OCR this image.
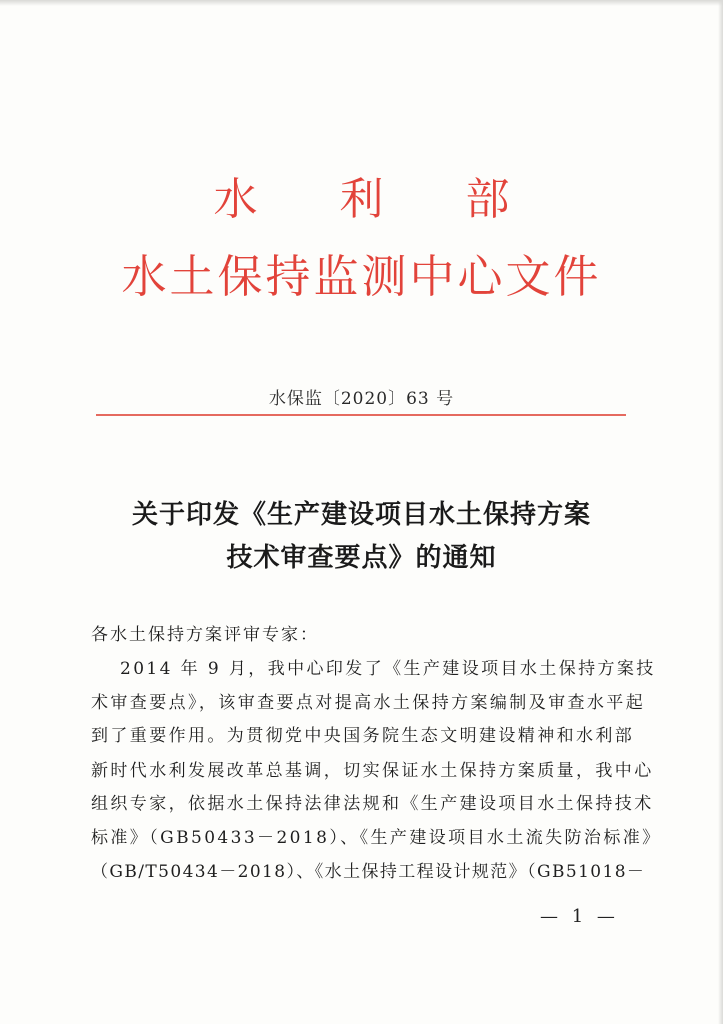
水 利 部
水土保持监测中心文件
水保监〔2020〕63 号
关于印发《生产建设项目水土保持方案
技术审查要点》的通知
各水土保持方案评审专家：
2014 年 9 月，我中心印发了《生产建设项目水土保持方案技
术审查要点》，该审查要点对提高水土保持方案编制及审查水平起
到了重要作用。为贯彻党中央国务院生态文明建设精神和水利部
新时代水利发展改革总基调，切实保证水土保持方案质量，我中心
组织专家，依据水土保持法律法规和《生产建设项目水土保持技术
标准》（GB50433－2018）、《生产建设项目水土流失防治标准》
（GB/T50434－2018）、《水土保持工程设计规范》（GB51018－
— 1 —
